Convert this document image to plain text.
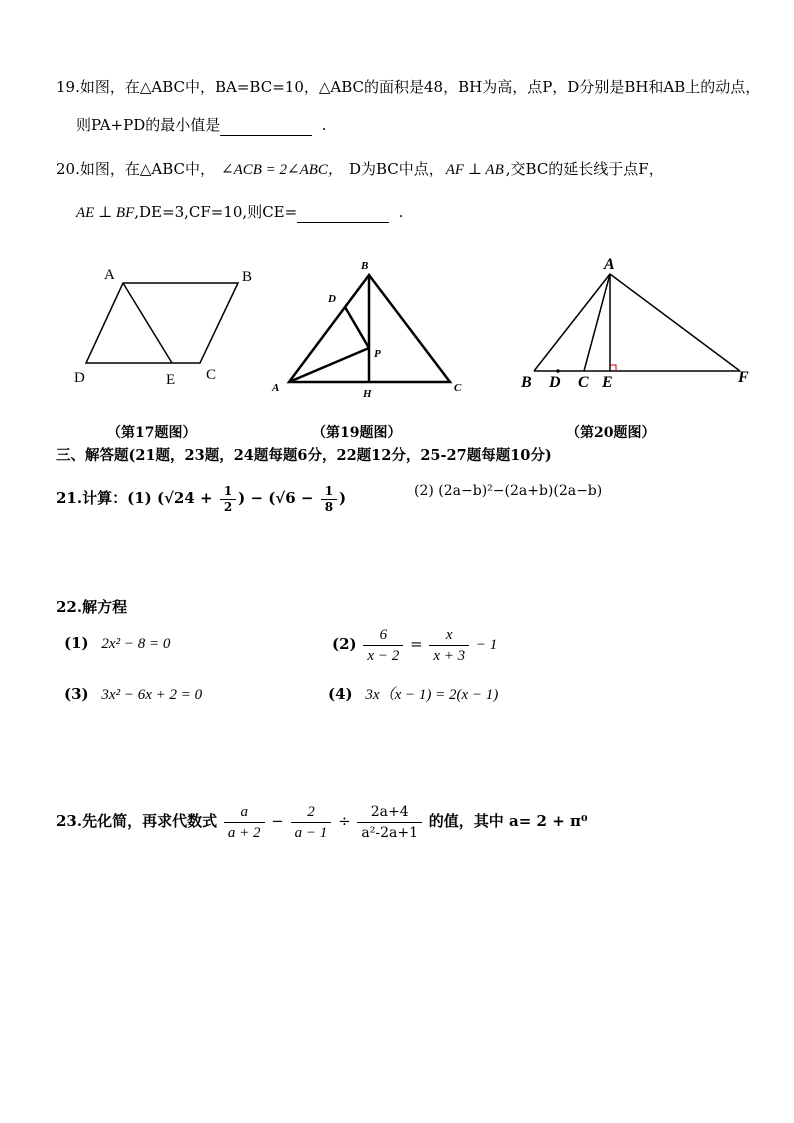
19.如图，在△ABC中，BA=BC=10，△ABC的面积是48，BH为高，点P，D分别是BH和AB上的动点，
则PA+PD的最小值是	.
20.如图，在△ABC中， ∠ACB = 2∠ABC， D为BC中点， AF ⊥ AB ,交BC的延长线于点F，
AE ⊥ BF,DE=3,CF=10,则CE=	.
A	B
D	E C
B
D
P
A	H	C
A
B D C E	F
（第17题图）	（第19题图）	（第20题图）
三、解答题(21题，23题，24题每题6分，22题12分，25-27题每题10分)
21.计算：(1) ($√24 + \frac{1}{2}$ ) − ($√6 - \frac{1}{8}$ )	(2) (2a−b)²−(2a+b)(2a−b)
22.解方程
(1) 2x² − 8 = 0	$(2) \frac{6}{x - 2} = \frac{x}{x + 3} - 1$
(3) 3x² − 6x + 2 = 0	(4) 3x（x − 1) = 2(x − 1)
23.先化简，再求代数式 $\frac{a}{a + 2} - \frac{2}{a - 1} \div \frac{2a+4}{\text{a²-2a+1}}$ 的值，其中 a= 2 + π⁰
